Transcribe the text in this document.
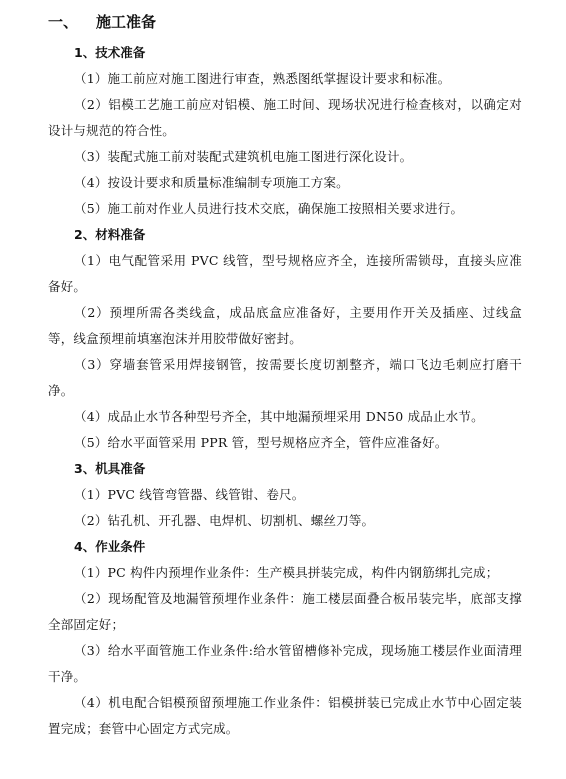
一、	施工准备
1、技术准备

（1）施工前应对施工图进行审查，熟悉图纸掌握设计要求和标准。

（2）铝模工艺施工前应对铝模、施工时间、现场状况进行检查核对，以确定对设计与规范的符合性。

（3）装配式施工前对装配式建筑机电施工图进行深化设计。

（4）按设计要求和质量标准编制专项施工方案。

（5）施工前对作业人员进行技术交底，确保施工按照相关要求进行。

2、材料准备

（1）电气配管采用 PVC 线管，型号规格应齐全，连接所需锁母，直接头应准备好。

（2）预埋所需各类线盒，成品底盒应准备好，主要用作开关及插座、过线盒等，线盒预埋前填塞泡沫并用胶带做好密封。

（3）穿墙套管采用焊接钢管，按需要长度切割整齐，端口飞边毛刺应打磨干净。

（4）成品止水节各种型号齐全，其中地漏预埋采用 DN50 成品止水节。

（5）给水平面管采用 PPR 管，型号规格应齐全，管件应准备好。

3、机具准备

（1）PVC 线管弯管器、线管钳、卷尺。

（2）钻孔机、开孔器、电焊机、切割机、螺丝刀等。

4、作业条件

（1）PC 构件内预埋作业条件：生产模具拼装完成，构件内钢筋绑扎完成；

（2）现场配管及地漏管预埋作业条件：施工楼层面叠合板吊装完毕，底部支撑全部固定好；

（3）给水平面管施工作业条件:给水管留槽修补完成，现场施工楼层作业面清理干净。

（4）机电配合铝模预留预埋施工作业条件：铝模拼装已完成止水节中心固定装置完成；套管中心固定方式完成。
